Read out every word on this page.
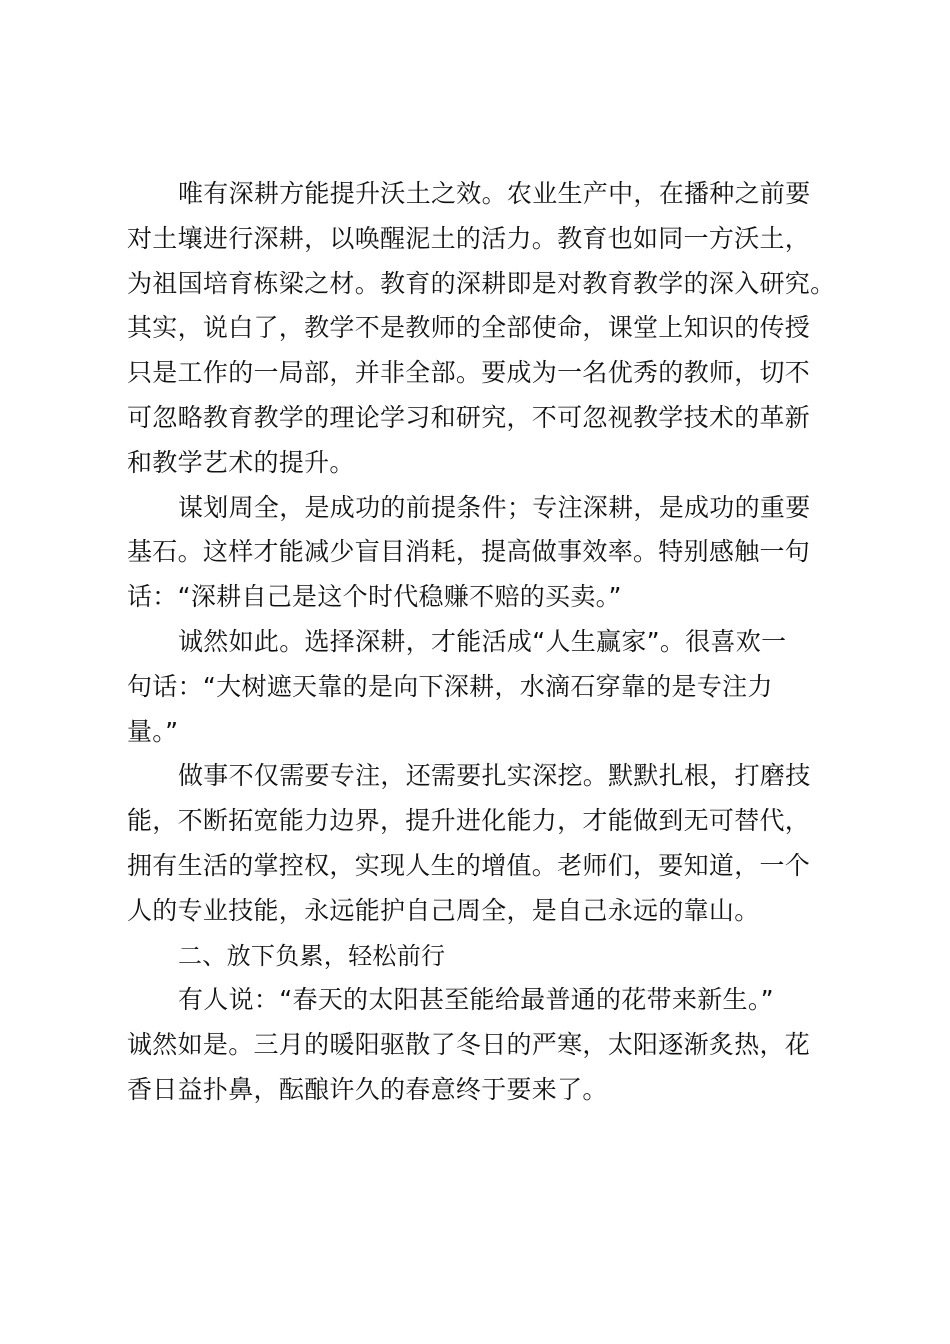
唯有深耕方能提升沃土之效。农业生产中，在播种之前要
对土壤进行深耕，以唤醒泥土的活力。教育也如同一方沃土，
为祖国培育栋梁之材。教育的深耕即是对教育教学的深入研究。
其实，说白了，教学不是教师的全部使命，课堂上知识的传授
只是工作的一局部，并非全部。要成为一名优秀的教师，切不
可忽略教育教学的理论学习和研究，不可忽视教学技术的革新
和教学艺术的提升。
谋划周全，是成功的前提条件；专注深耕，是成功的重要
基石。这样才能减少盲目消耗，提高做事效率。特别感触一句
话：“深耕自己是这个时代稳赚不赔的买卖。”
诚然如此。选择深耕，才能活成“人生赢家”。很喜欢一
句话：“大树遮天靠的是向下深耕，水滴石穿靠的是专注力
量。”
做事不仅需要专注，还需要扎实深挖。默默扎根，打磨技
能，不断拓宽能力边界，提升进化能力，才能做到无可替代，
拥有生活的掌控权，实现人生的增值。老师们，要知道，一个
人的专业技能，永远能护自己周全，是自己永远的靠山。
二、放下负累，轻松前行
有人说：“春天的太阳甚至能给最普通的花带来新生。”
诚然如是。三月的暖阳驱散了冬日的严寒，太阳逐渐炙热，花
香日益扑鼻，酝酿许久的春意终于要来了。
